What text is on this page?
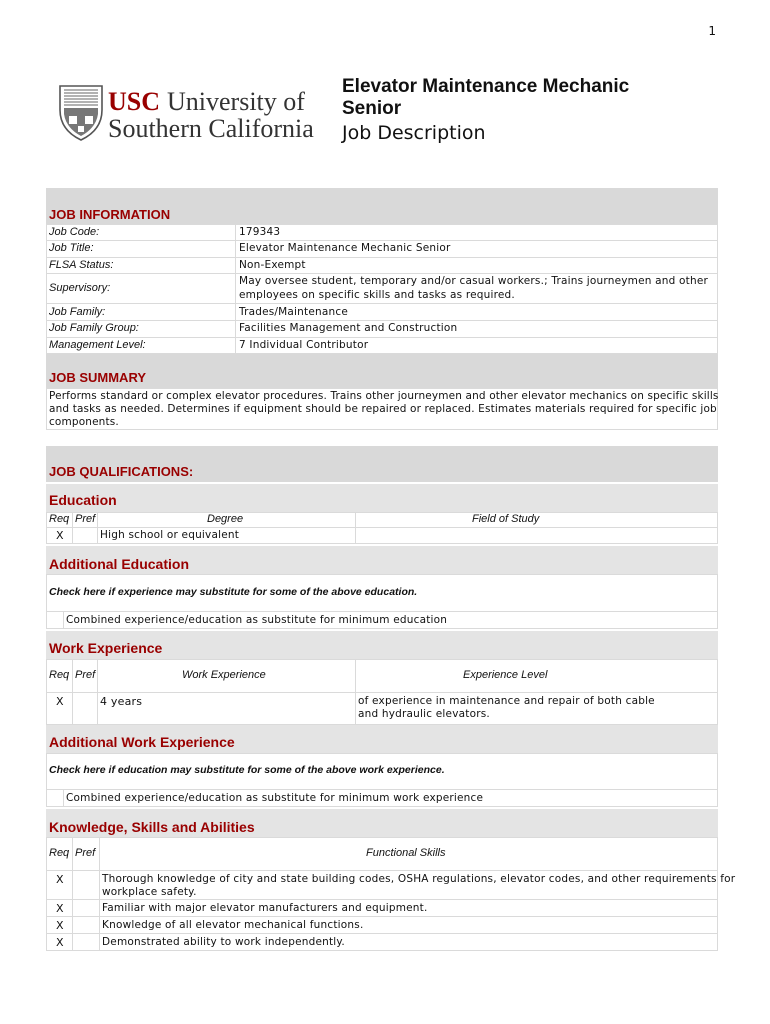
1
USC University of
Southern California
Elevator Maintenance Mechanic Senior
Job Description
JOB INFORMATION
Job Code:	179343
Job Title:	Elevator Maintenance Mechanic Senior
FLSA Status:	Non-Exempt
Supervisory:
May oversee student, temporary and/or casual workers.; Trains journeymen and other
employees on specific skills and tasks as required.
Job Family:	Trades/Maintenance
Job Family Group:	Facilities Management and Construction
Management Level:	7 Individual Contributor
JOB SUMMARY
Performs standard or complex elevator procedures. Trains other journeymen and other elevator mechanics on specific skills
and tasks as needed. Determines if equipment should be repaired or replaced. Estimates materials required for specific job
components.
JOB QUALIFICATIONS:
Education
Req Pref	Degree	Field of Study
X	High school or equivalent
Additional Education
Check here if experience may substitute for some of the above education.
Combined experience/education as substitute for minimum education
Work Experience
Req Pref	Work Experience	Experience Level
X	4 years	of experience in maintenance and repair of both cable
and hydraulic elevators.
Additional Work Experience
Check here if education may substitute for some of the above work experience.
Combined experience/education as substitute for minimum work experience
Knowledge, Skills and Abilities
Req Pref	Functional Skills
X	Thorough knowledge of city and state building codes, OSHA regulations, elevator codes, and other requirements for
workplace safety.
X	Familiar with major elevator manufacturers and equipment.
X	Knowledge of all elevator mechanical functions.
X	Demonstrated ability to work independently.
